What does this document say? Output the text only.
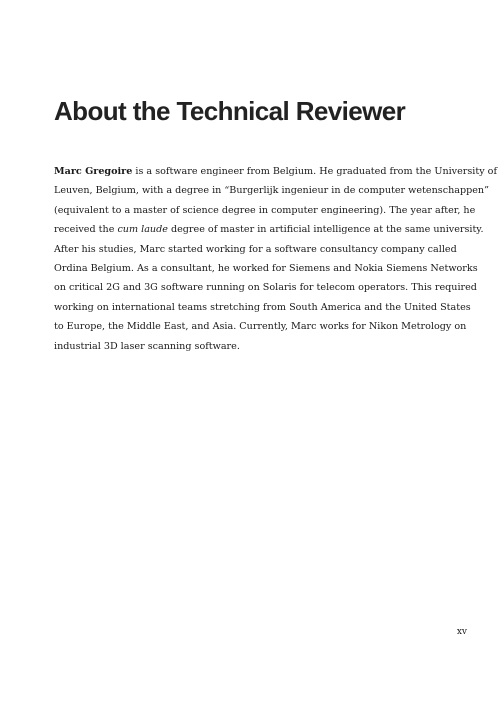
About the Technical Reviewer
Marc Gregoire is a software engineer from Belgium. He graduated from the University of
Leuven, Belgium, with a degree in “Burgerlijk ingenieur in de computer wetenschappen”
(equivalent to a master of science degree in computer engineering). The year after, he
received the cum laude degree of master in artificial intelligence at the same university.
After his studies, Marc started working for a software consultancy company called
Ordina Belgium. As a consultant, he worked for Siemens and Nokia Siemens Networks
on critical 2G and 3G software running on Solaris for telecom operators. This required
working on international teams stretching from South America and the United States
to Europe, the Middle East, and Asia. Currently, Marc works for Nikon Metrology on
industrial 3D laser scanning software.
xv
